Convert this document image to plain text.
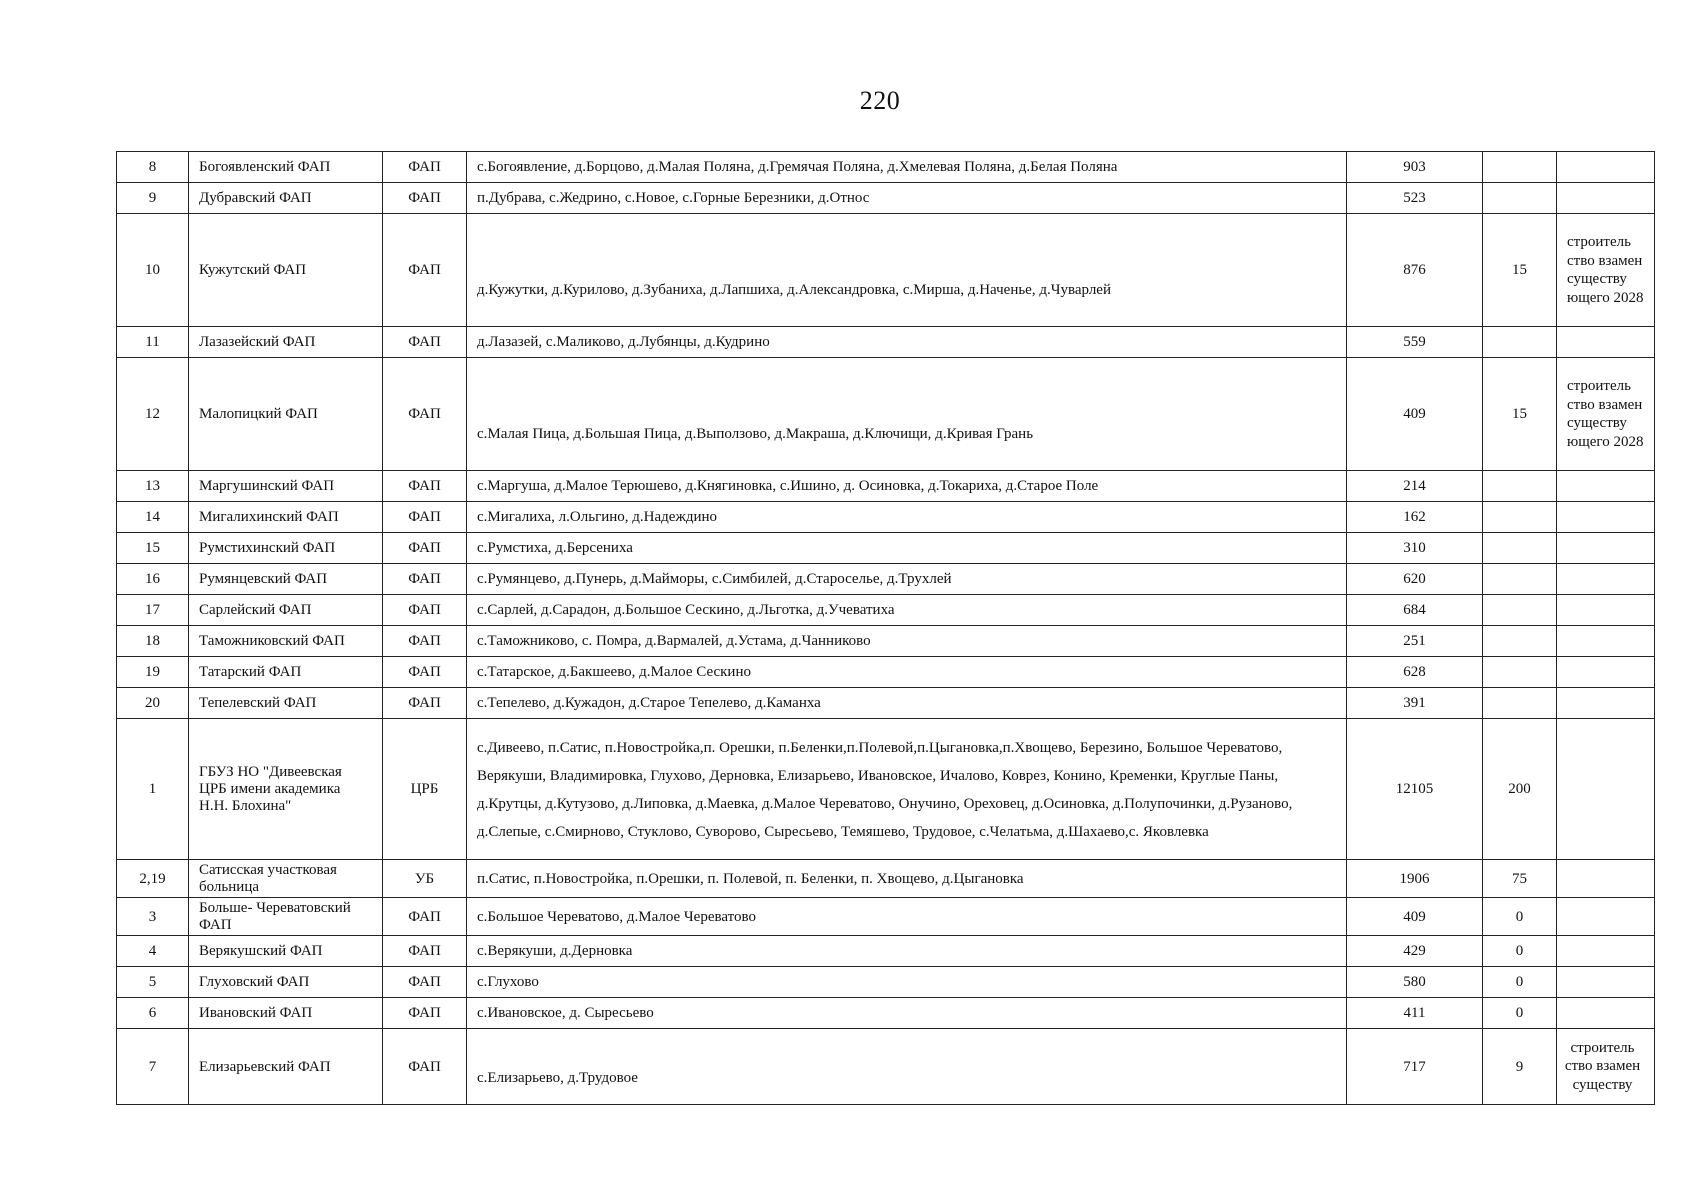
220
8	Богоявленский ФАП	ФАП	с.Богоявление, д.Борцово, д.Малая Поляна, д.Гремячая Поляна, д.Хмелевая Поляна, д.Белая Поляна	903		
9	Дубравский ФАП	ФАП	п.Дубрава, с.Жедрино, с.Новое, с.Горные Березники, д.Относ	523		
10	Кужутский ФАП	ФАП	д.Кужутки, д.Курилово, д.Зубаниха, д.Лапшиха, д.Александровка, с.Мирша, д.Наченье, д.Чуварлей	876	15	строитель ство взамен существу ющего 2028
11	Лазазейский ФАП	ФАП	д.Лазазей, с.Маликово, д.Лубянцы, д.Кудрино	559		
12	Малопицкий ФАП	ФАП	с.Малая Пица, д.Большая Пица, д.Выползово, д.Макраша, д.Ключищи, д.Кривая Грань	409	15	строитель ство взамен существу ющего 2028
13	Маргушинский ФАП	ФАП	с.Маргуша, д.Малое Терюшево, д.Княгиновка, с.Ишино, д. Осиновка, д.Токариха, д.Старое Поле	214		
14	Мигалихинский ФАП	ФАП	с.Мигалиха, л.Ольгино, д.Надеждино	162		
15	Румстихинский ФАП	ФАП	с.Румстиха, д.Берсениха	310		
16	Румянцевский ФАП	ФАП	с.Румянцево, д.Пунерь, д.Майморы, с.Симбилей, д.Староселье, д.Трухлей	620		
17	Сарлейский ФАП	ФАП	с.Сарлей, д.Сарадон, д.Большое Сескино, д.Льготка, д.Учеватиха	684		
18	Таможниковский ФАП	ФАП	с.Таможниково, с. Помра, д.Вармалей, д.Устама, д.Чанниково	251		
19	Татарский ФАП	ФАП	с.Татарское, д.Бакшеево, д.Малое Сескино	628		
20	Тепелевский ФАП	ФАП	с.Тепелево, д.Кужадон, д.Старое Тепелево, д.Каманха	391		
1	ГБУЗ НО "Дивеевская ЦРБ имени академика Н.Н. Блохина"	ЦРБ	с.Дивеево, п.Сатис, п.Новостройка,п. Орешки, п.Беленки,п.Полевой,п.Цыгановка,п.Хвощево, Березино, Большое Череватово, Верякуши, Владимировка, Глухово, Дерновка, Елизарьево, Ивановское, Ичалово, Коврез, Конино, Кременки, Круглые Паны, д.Крутцы, д.Кутузово, д.Липовка, д.Маевка, д.Малое Череватово, Онучино, Ореховец, д.Осиновка, д.Полупочинки, д.Рузаново, д.Слепые, с.Смирново, Стуклово, Суворово, Сыресьево, Темяшево, Трудовое, с.Челатьма, д.Шахаево,с. Яковлевка	12105	200	
2,19	Сатисская участковая больница	УБ	п.Сатис, п.Новостройка, п.Орешки, п. Полевой, п. Беленки, п. Хвощево, д.Цыгановка	1906	75	
3	Больше- Череватовский ФАП	ФАП	с.Большое Череватово, д.Малое Череватово	409	0	
4	Верякушский ФАП	ФАП	с.Верякуши, д.Дерновка	429	0	
5	Глуховский ФАП	ФАП	с.Глухово	580	0	
6	Ивановский ФАП	ФАП	с.Ивановское, д. Сыресьево	411	0	
7	Елизарьевский ФАП	ФАП	с.Елизарьево, д.Трудовое	717	9	строитель ство взамен существу
